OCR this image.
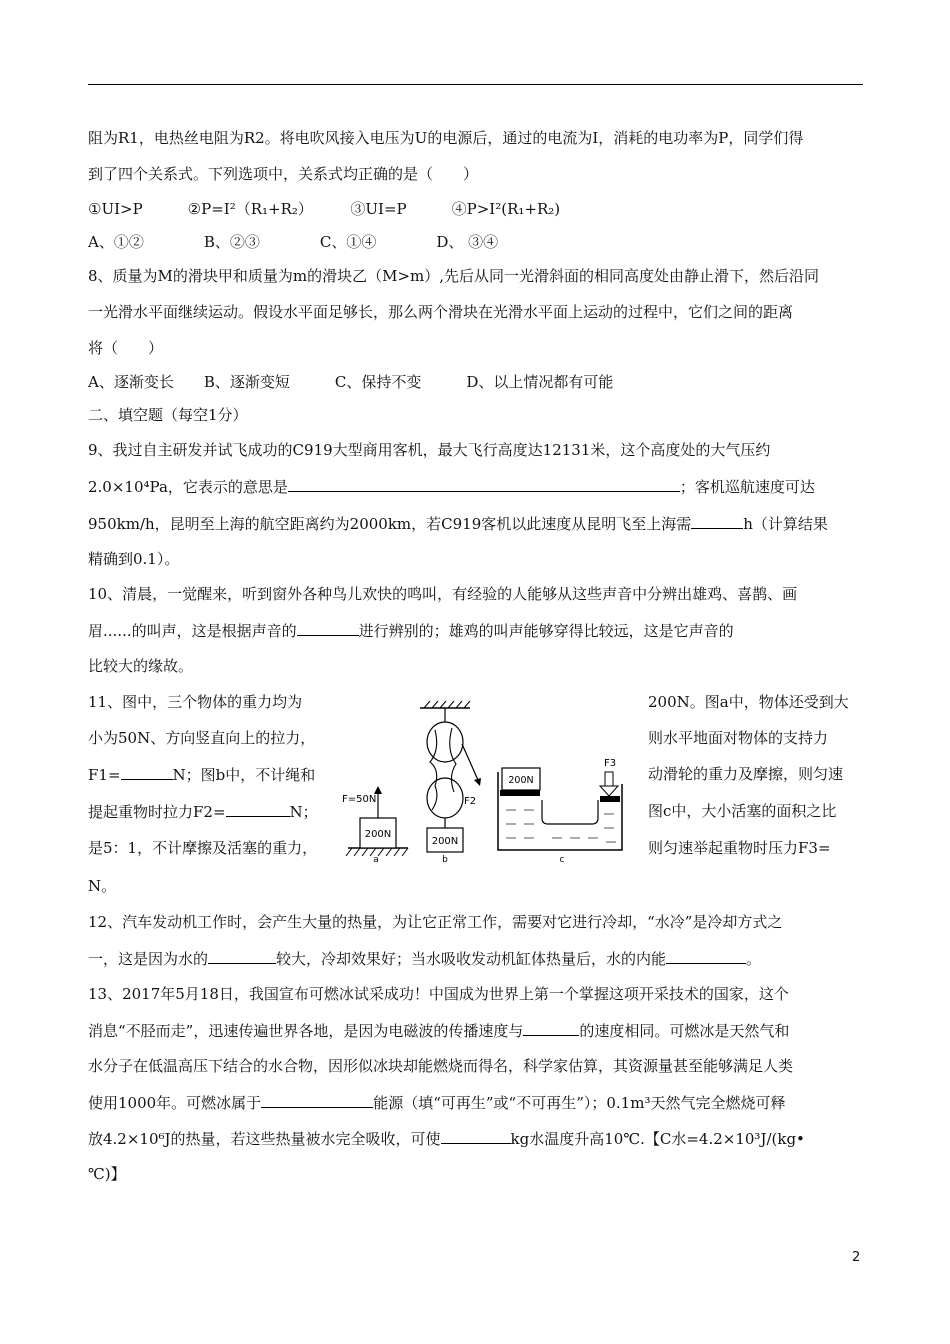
阻为R1，电热丝电阻为R2。将电吹风接入电压为U的电源后，通过的电流为I，消耗的电功率为P，同学们得
到了四个关系式。下列选项中，关系式均正确的是（　　）
①UI>P　　　②P=I²（R₁+R₂）　　　③UI=P　　　④P>I²(R₁+R₂)
A、①②　　　　B、②③　　　　C、①④　　　　D、 ③④
8、质量为M的滑块甲和质量为m的滑块乙（M>m）,先后从同一光滑斜面的相同高度处由静止滑下，然后沿同
一光滑水平面继续运动。假设水平面足够长，那么两个滑块在光滑水平面上运动的过程中，它们之间的距离
将（　　）
A、逐渐变长　　B、逐渐变短　　　C、保持不变　　　D、以上情况都有可能
二、填空题（每空1分）
9、我过自主研发并试飞成功的C919大型商用客机，最大飞行高度达12131米，这个高度处的大气压约
2.0×10⁴Pa，它表示的意思是	；客机巡航速度可达
950km/h，昆明至上海的航空距离约为2000km，若C919客机以此速度从昆明飞至上海需	h（计算结果
精确到0.1）。
10、清晨，一觉醒来，听到窗外各种鸟儿欢快的鸣叫，有经验的人能够从这些声音中分辨出雄鸡、喜鹊、画
眉......的叫声，这是根据声音的	进行辨别的；雄鸡的叫声能够穿得比较远，这是它声音的
比较大的缘故。
11、图中，三个物体的重力均为
小为50N、方向竖直向上的拉力，
F1=	N；图b中，不计绳和
提起重物时拉力F2=	N；
是5：1，不计摩擦及活塞的重力，
N。
200N。图a中，物体还受到大
则水平地面对物体的支持力
动滑轮的重力及摩擦，则匀速
图c中，大小活塞的面积之比
则匀速举起重物时压力F3=
200N
F=50N
a
F2
200N
b
200N
F3
c
12、汽车发动机工作时，会产生大量的热量，为让它正常工作，需要对它进行冷却，“水冷”是冷却方式之
一，这是因为水的	较大，冷却效果好；当水吸收发动机缸体热量后，水的内能	。
13、2017年5月18日，我国宣布可燃冰试采成功！中国成为世界上第一个掌握这项开采技术的国家，这个
消息“不胫而走”，迅速传遍世界各地，是因为电磁波的传播速度与	的速度相同。可燃冰是天然气和
水分子在低温高压下结合的水合物，因形似冰块却能燃烧而得名，科学家估算，其资源量甚至能够满足人类
使用1000年。可燃冰属于	能源（填“可再生”或“不可再生”）；0.1m³天然气完全燃烧可释
放4.2×10⁶J的热量，若这些热量被水完全吸收，可使	kg水温度升高10℃.【C水=4.2×10³J/(kg•
℃)】
2
